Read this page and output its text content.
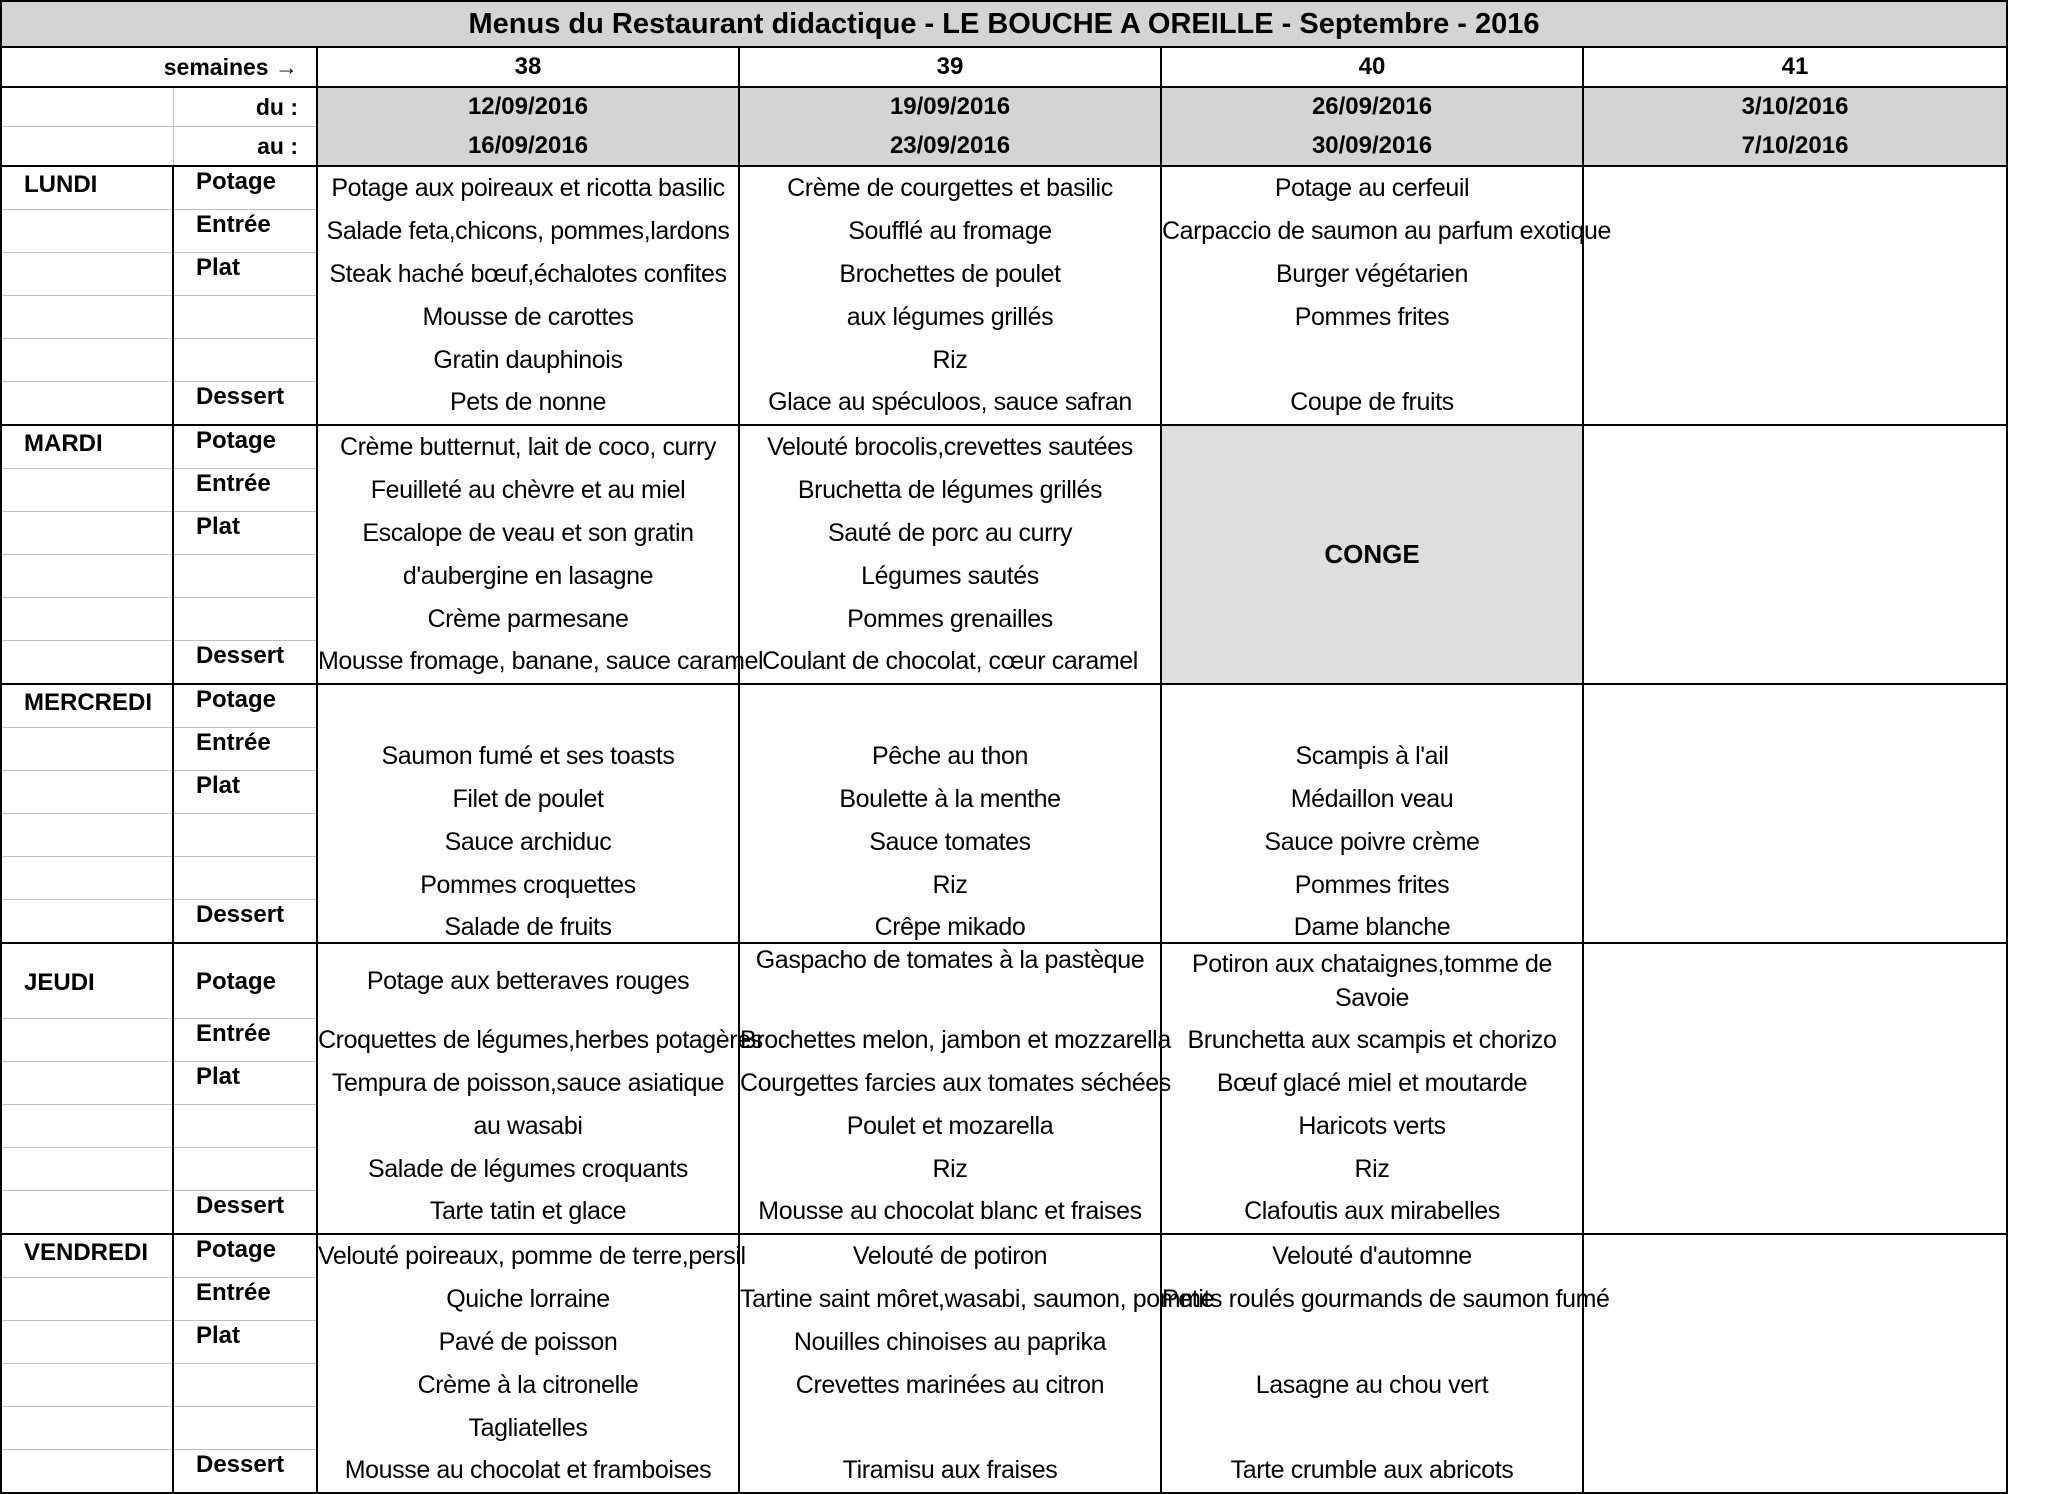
Menus du Restaurant didactique - LE BOUCHE A OREILLE - Septembre - 2016					
semaines →		38	39	40	41
	du :	12/09/2016	19/09/2016	26/09/2016	3/10/2016
	au :	16/09/2016	23/09/2016	30/09/2016	7/10/2016
LUNDI	Potage	Potage aux poireaux et ricotta basilic	Crème de courgettes et basilic	Potage au cerfeuil	
	Entrée	Salade feta,chicons, pommes,lardons	Soufflé au fromage	Carpaccio de saumon au parfum exotique	
	Plat	Steak haché bœuf,échalotes confites	Brochettes de poulet	Burger végétarien	
		Mousse de carottes	aux légumes grillés	Pommes frites	
		Gratin dauphinois	Riz		
	Dessert	Pets de nonne	Glace au spéculoos, sauce safran	Coupe de fruits	
MARDI	Potage	Crème butternut, lait de coco, curry	Velouté brocolis,crevettes sautées	CONGE	
	Entrée	Feuilleté au chèvre et au miel	Bruchetta de légumes grillés		
	Plat	Escalope de veau et son gratin	Sauté de porc au curry		
		d'aubergine en lasagne	Légumes sautés		
		Crème parmesane	Pommes grenailles		
	Dessert	Mousse fromage, banane, sauce caramel	Coulant de chocolat, cœur caramel		
MERCREDI	Potage				
	Entrée	Saumon fumé et ses toasts	Pêche au thon	Scampis à l'ail	
	Plat	Filet de poulet	Boulette à la menthe	Médaillon veau	
		Sauce archiduc	Sauce tomates	Sauce poivre crème	
		Pommes croquettes	Riz	Pommes frites	
	Dessert	Salade de fruits	Crêpe mikado	Dame blanche	
JEUDI	Potage	Potage aux betteraves rouges	Gaspacho de tomates à la pastèque	Potiron aux chataignes,tomme de Savoie	
	Entrée	Croquettes de légumes,herbes potagères	Brochettes melon, jambon et mozzarella	Brunchetta aux scampis et chorizo	
	Plat	Tempura de poisson,sauce asiatique	Courgettes farcies aux tomates séchées	Bœuf glacé miel et moutarde	
		au wasabi	Poulet et mozarella	Haricots verts	
		Salade de légumes croquants	Riz	Riz	
	Dessert	Tarte tatin et glace	Mousse au chocolat blanc et fraises	Clafoutis aux mirabelles	
VENDREDI	Potage	Velouté poireaux, pomme de terre,persil	Velouté de potiron	Velouté d'automne	
	Entrée	Quiche lorraine	Tartine saint môret,wasabi, saumon, pomme	Petits roulés gourmands de saumon fumé	
	Plat	Pavé de poisson	Nouilles chinoises au paprika		
		Crème à la citronelle	Crevettes marinées au citron	Lasagne au chou vert	
		Tagliatelles			
	Dessert	Mousse au chocolat et framboises	Tiramisu aux fraises	Tarte crumble aux abricots	
